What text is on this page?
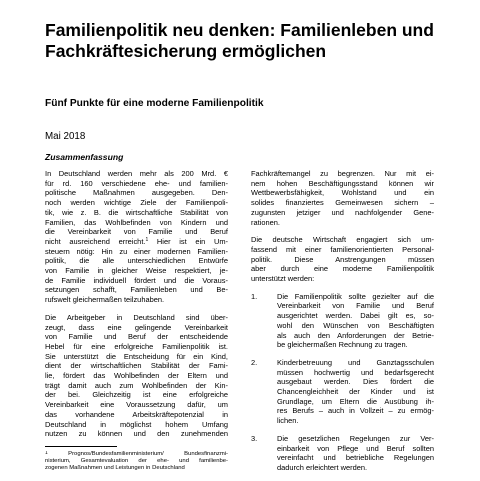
Familienpolitik neu denken: Familienleben und Fachkräftesicherung ermöglichen
Fünf Punkte für eine moderne Familienpolitik
Mai 2018
Zusammenfassung

In Deutschland werden mehr als 200 Mrd. €
für rd. 160 verschiedene ehe- und familien-
politische Maßnahmen ausgegeben. Den-
noch werden wichtige Ziele der Familienpoli-
tik, wie z. B. die wirtschaftliche Stabilität von
Familien, das Wohlbefinden von Kindern und
die Vereinbarkeit von Familie und Beruf
nicht ausreichend erreicht.$^1$ Hier ist ein Um-
steuern nötig: Hin zu einer modernen Familien-
politik, die alle unterschiedlichen Entwürfe
von Familie in gleicher Weise respektiert, je-
de Familie individuell fördert und die Voraus-
setzungen schafft, Familienleben und Be-
rufswelt gleichermaßen teilzuhaben.

Die Arbeitgeber in Deutschland sind über-
zeugt, dass eine gelingende Vereinbarkeit
von Familie und Beruf der entscheidende
Hebel für eine erfolgreiche Familienpolitik ist.
Sie unterstützt die Entscheidung für ein Kind,
dient der wirtschaftlichen Stabilität der Fami-
lie, fördert das Wohlbefinden der Eltern und
trägt damit auch zum Wohlbefinden der Kin-
der bei. Gleichzeitig ist eine erfolgreiche
Vereinbarkeit eine Voraussetzung dafür, um
das vorhandene Arbeitskräftepotenzial in
Deutschland in möglichst hohem Umfang
nutzen zu können und den zunehmenden

$^1$	Prognos/Bundesfamilienministerium/ Bundesfinanzmi-
nisterium, Gesamtevaluation der ehe- und familienbe-
zogenen Maßnahmen und Leistungen in Deutschland

Fachkräftemangel zu begrenzen. Nur mit ei-
nem hohen Beschäftigungsstand können wir
Wettbewerbsfähigkeit, Wohlstand und ein
solides finanziertes Gemeinwesen sichern –
zugunsten jetziger und nachfolgender Gene-
rationen.

Die deutsche Wirtschaft engagiert sich um-
fassend mit einer familienorientierten Personal-
politik. Diese Anstrengungen müssen
aber durch eine moderne Familienpolitik
unterstützt werden:

1.	Die Familienpolitik sollte gezielter auf die
Vereinbarkeit von Familie und Beruf
ausgerichtet werden. Dabei gilt es, so-
wohl den Wünschen von Beschäftigten
als auch den Anforderungen der Betrie-
be gleichermaßen Rechnung zu tragen.
2.	Kinderbetreuung und Ganztagsschulen
müssen hochwertig und bedarfsgerecht
ausgebaut werden. Dies fördert die
Chancengleichheit der Kinder und ist
Grundlage, um Eltern die Ausübung ih-
res Berufs – auch in Vollzeit – zu ermög-
lichen.
3.	Die gesetzlichen Regelungen zur Ver-
einbarkeit von Pflege und Beruf sollten
vereinfacht und betriebliche Regelungen
dadurch erleichtert werden.
